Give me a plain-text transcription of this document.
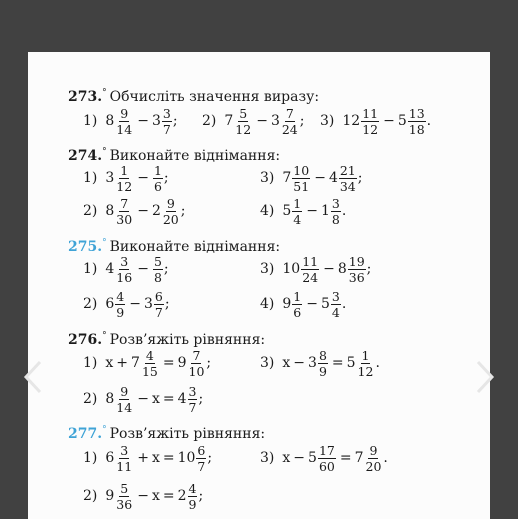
273.° Обчисліть значення виразу:
1) $8 \frac{9}{14} - 3 \frac{3}{7}$ ; 2) $7 \frac{5}{12} - 3 \frac{7}{24}$ ; 3) $12 \frac{11}{12} - 5 \frac{13}{18}$ .
274.° Виконайте віднімання:
1) $3 \frac{1}{12} - \frac{1}{6}$ ;	3) $7 \frac{10}{51} - 4 \frac{21}{34}$ ;
2) $8 \frac{7}{30} - 2 \frac{9}{20}$ ;	4) $5 \frac{1}{4} - 1 \frac{3}{8}$ .
275.° Виконайте віднімання:
1) $4 \frac{3}{16} - \frac{5}{8}$ ;	3) $10 \frac{11}{24} - 8 \frac{19}{36}$ ;
2) $6 \frac{4}{9} - 3 \frac{6}{7}$ ;	4) $9 \frac{1}{6} - 5 \frac{3}{4}$ .
276.° Розв’яжіть рівняння:
1) $x + 7 \frac{4}{15} = 9 \frac{7}{10}$ ;	3) $x - 3 \frac{8}{9} = 5 \frac{1}{12}$ .
2) $8 \frac{9}{14} - x = 4 \frac{3}{7}$ ;
277.° Розв’яжіть рівняння:
1) $6 \frac{3}{11} + x = 10 \frac{6}{7}$ ;	3) $x - 5 \frac{17}{60} = 7 \frac{9}{20}$ .
2) $9 \frac{5}{36} - x = 2 \frac{4}{9}$ ;
